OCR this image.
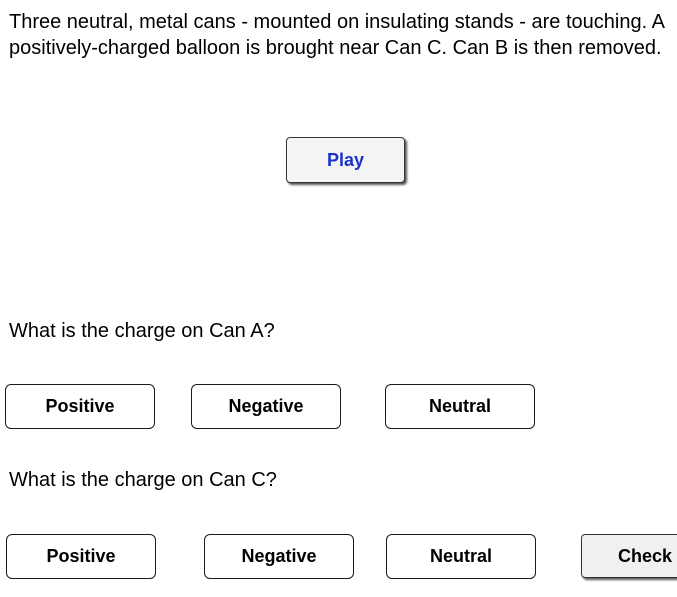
Three neutral, metal cans - mounted on insulating stands - are touching. A positively-charged balloon is brought near Can C. Can B is then removed.

Play

What is the charge on Can A?

Positive	Negative	Neutral

What is the charge on Can C?

Positive	Negative	Neutral	Check
